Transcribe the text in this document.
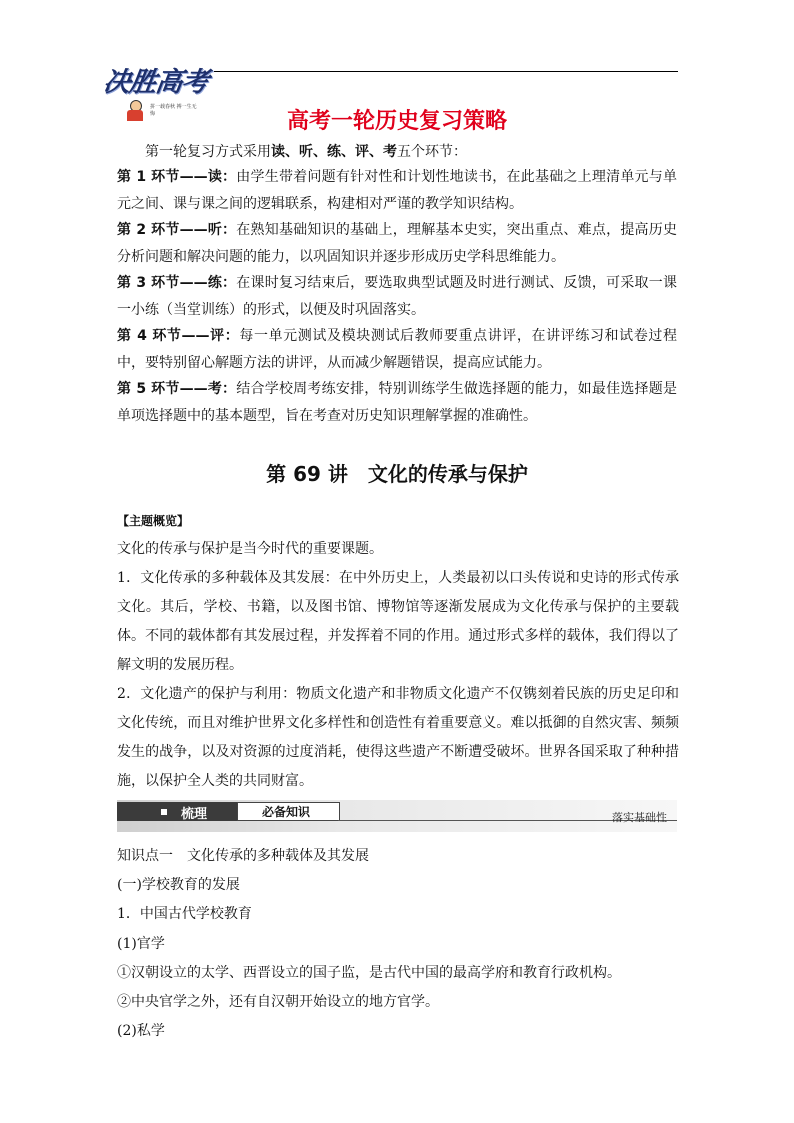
决胜高考
拼一载春秋 搏一生无悔	高考一轮历史复习策略

第一轮复习方式采用读、听、练、评、考五个环节：

第 1 环节——读：由学生带着问题有针对性和计划性地读书，在此基础之上理清单元与单元之间、课与课之间的逻辑联系，构建相对严谨的教学知识结构。

第 2 环节——听：在熟知基础知识的基础上，理解基本史实，突出重点、难点，提高历史分析问题和解决问题的能力，以巩固知识并逐步形成历史学科思维能力。

第 3 环节——练：在课时复习结束后，要选取典型试题及时进行测试、反馈，可采取一课一小练（当堂训练）的形式，以便及时巩固落实。

第 4 环节——评：每一单元测试及模块测试后教师要重点讲评，在讲评练习和试卷过程中，要特别留心解题方法的讲评，从而减少解题错误，提高应试能力。

第 5 环节——考：结合学校周考练安排，特别训练学生做选择题的能力，如最佳选择题是单项选择题中的基本题型，旨在考查对历史知识理解掌握的准确性。

第 69 讲　文化的传承与保护
【主题概览】

文化的传承与保护是当今时代的重要课题。

1．文化传承的多种载体及其发展：在中外历史上，人类最初以口头传说和史诗的形式传承文化。其后，学校、书籍，以及图书馆、博物馆等逐渐发展成为文化传承与保护的主要载体。不同的载体都有其发展过程，并发挥着不同的作用。通过形式多样的载体，我们得以了解文明的发展历程。

2．文化遗产的保护与利用：物质文化遗产和非物质文化遗产不仅镌刻着民族的历史足印和文化传统，而且对维护世界文化多样性和创造性有着重要意义。难以抵御的自然灾害、频频发生的战争，以及对资源的过度消耗，使得这些遗产不断遭受破坏。世界各国采取了种种措施，以保护全人类的共同财富。

梳理	必备知识	落实基础性

知识点一　文化传承的多种载体及其发展

(一)学校教育的发展

1．中国古代学校教育

(1)官学

①汉朝设立的太学、西晋设立的国子监，是古代中国的最高学府和教育行政机构。

②中央官学之外，还有自汉朝开始设立的地方官学。

(2)私学
